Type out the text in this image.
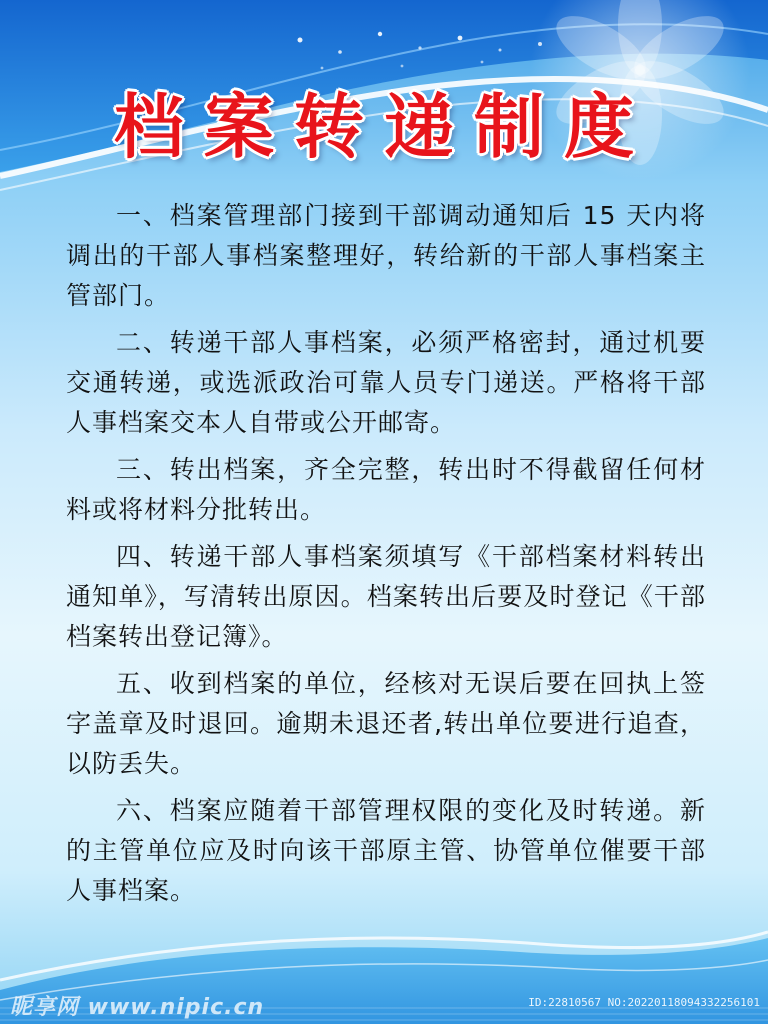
档案转递制度

一、档案管理部门接到干部调动通知后 15 天内将调出的干部人事档案整理好，转给新的干部人事档案主管部门。

二、转递干部人事档案，必须严格密封，通过机要交通转递，或选派政治可靠人员专门递送。严格将干部人事档案交本人自带或公开邮寄。

三、转出档案，齐全完整，转出时不得截留任何材料或将材料分批转出。

四、转递干部人事档案须填写《干部档案材料转出通知单》，写清转出原因。档案转出后要及时登记《干部档案转出登记簿》。

五、收到档案的单位，经核对无误后要在回执上签字盖章及时退回。逾期未退还者,转出单位要进行追查，以防丢失。

六、档案应随着干部管理权限的变化及时转递。新的主管单位应及时向该干部原主管、协管单位催要干部人事档案。

昵享网 www.nipic.cn	ID:22810567 NO:20220118094332256101
